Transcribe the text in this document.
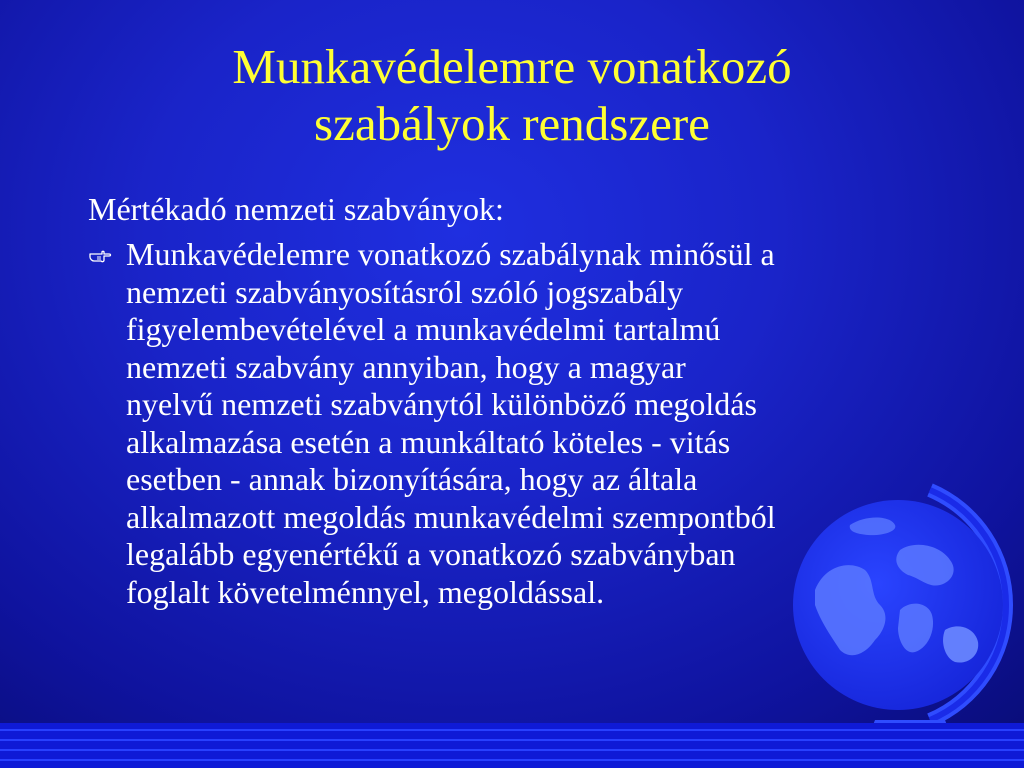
Munkavédelemre vonatkozó
szabályok rendszere

Mértékadó nemzeti szabványok:

Munkavédelemre vonatkozó szabálynak minősül a
nemzeti szabványosításról szóló jogszabály
figyelembevételével a munkavédelmi tartalmú
nemzeti szabvány annyiban, hogy a magyar
nyelvű nemzeti szabványtól különböző megoldás
alkalmazása esetén a munkáltató köteles - vitás
esetben - annak bizonyítására, hogy az általa
alkalmazott megoldás munkavédelmi szempontból
legalább egyenértékű a vonatkozó szabványban
foglalt követelménnyel, megoldással.
